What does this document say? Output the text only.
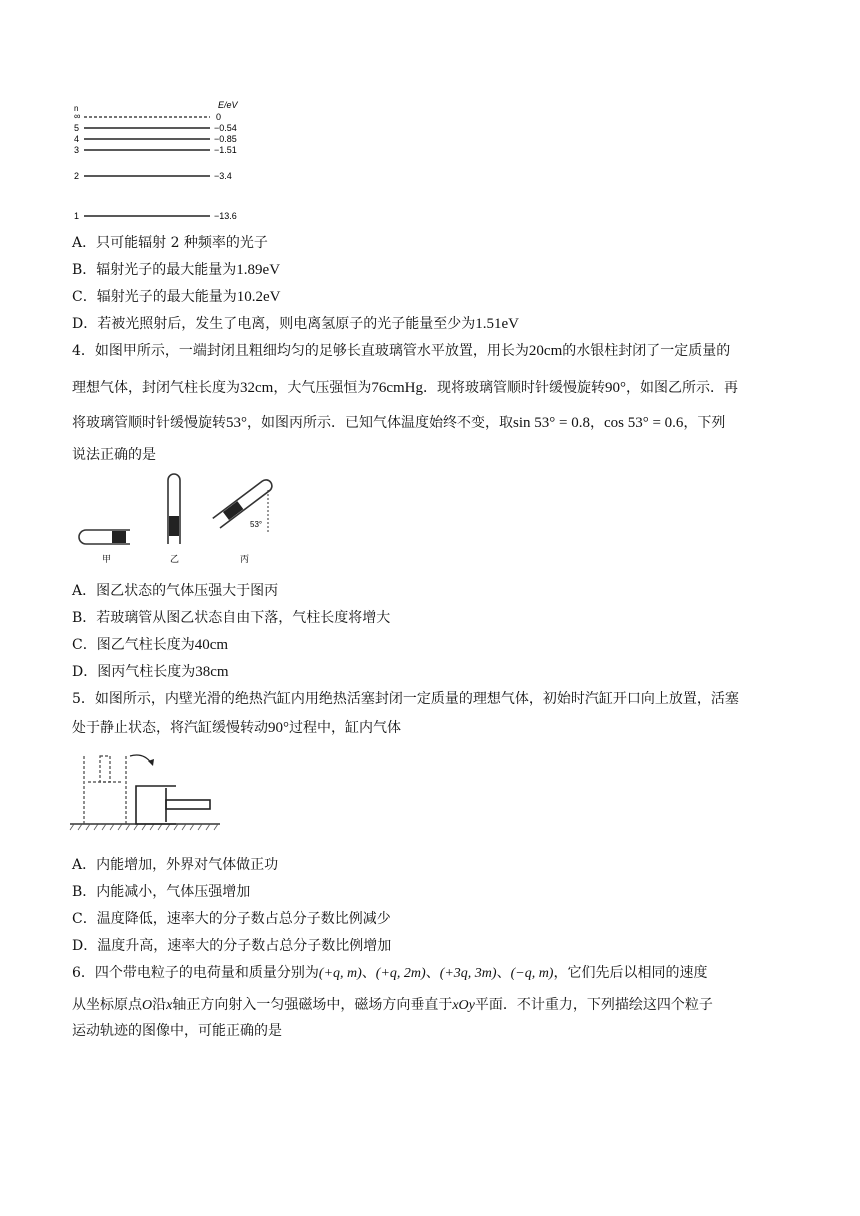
E/eV
n
∞	0
5	−0.54
4	−0.85
3	−1.51
2	−3.4
1	−13.6
A．只可能辐射 2 种频率的光子
B．辐射光子的最大能量为1.89eV
C．辐射光子的最大能量为10.2eV
D．若被光照射后，发生了电离，则电离氢原子的光子能量至少为1.51eV
4．如图甲所示，一端封闭且粗细均匀的足够长直玻璃管水平放置，用长为20cm的水银柱封闭了一定质量的
理想气体，封闭气柱长度为32cm，大气压强恒为76cmHg．现将玻璃管顺时针缓慢旋转90°，如图乙所示．再
将玻璃管顺时针缓慢旋转53°，如图丙所示．已知气体温度始终不变，取sin 53° = 0.8，cos 53° = 0.6，下列
说法正确的是
甲	乙
53°
丙
A．图乙状态的气体压强大于图丙
B．若玻璃管从图乙状态自由下落，气柱长度将增大
C．图乙气柱长度为40cm
D．图丙气柱长度为38cm
5．如图所示，内壁光滑的绝热汽缸内用绝热活塞封闭一定质量的理想气体，初始时汽缸开口向上放置，活塞
处于静止状态，将汽缸缓慢转动90°过程中，缸内气体
A．内能增加，外界对气体做正功
B．内能减小，气体压强增加
C．温度降低，速率大的分子数占总分子数比例减少
D．温度升高，速率大的分子数占总分子数比例增加
6．四个带电粒子的电荷量和质量分别为(+q, m)、(+q, 2m)、(+3q, 3m)、(−q, m)，它们先后以相同的速度
从坐标原点O沿x轴正方向射入一匀强磁场中，磁场方向垂直于xOy平面．不计重力，下列描绘这四个粒子
运动轨迹的图像中，可能正确的是
